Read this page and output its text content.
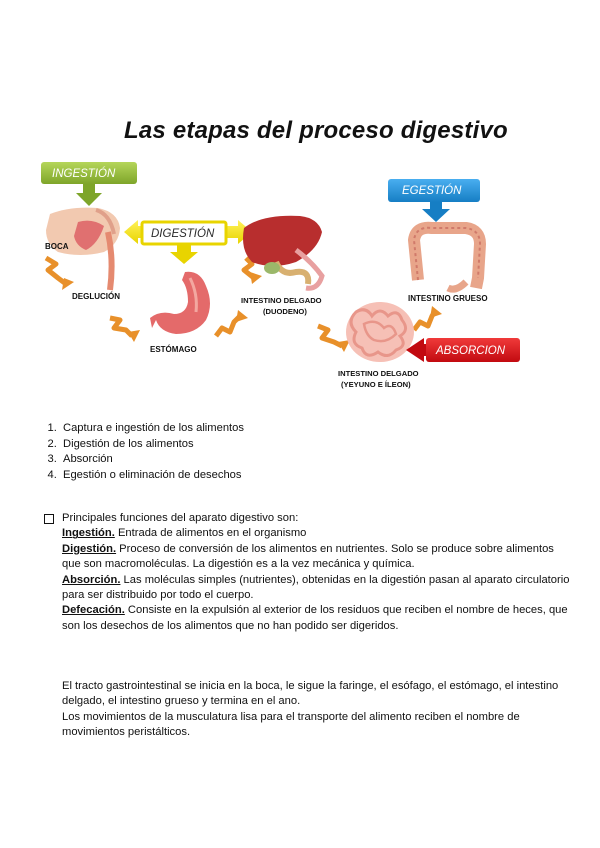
Las etapas del proceso digestivo
INGESTIÓN
BOCA
DEGLUCIÓN
DIGESTIÓN
ESTÓMAGO
INTESTINO DELGADO
(DUODENO)
EGESTIÓN
INTESTINO GRUESO
INTESTINO DELGADO
(YEYUNO E ÍLEON)
ABSORCION
1. Captura e ingestión de los alimentos
2. Digestión de los alimentos
3. Absorción
4. Egestión o eliminación de desechos
Principales funciones del aparato digestivo son:
Ingestión. Entrada de alimentos en el organismo
Digestión. Proceso de conversión de los alimentos en nutrientes. Solo se produce sobre alimentos que son macromoléculas. La digestión es a la vez mecánica y química.
Absorción. Las moléculas simples (nutrientes), obtenidas en la digestión pasan al aparato circulatorio para ser distribuido por todo el cuerpo.
Defecación. Consiste en la expulsión al exterior de los residuos que reciben el nombre de heces, que son los desechos de los alimentos que no han podido ser digeridos.

El tracto gastrointestinal se inicia en la boca, le sigue la faringe, el esófago, el estómago, el intestino delgado, el intestino grueso y termina en el ano.

Los movimientos de la musculatura lisa para el transporte del alimento reciben el nombre de movimientos peristálticos.
